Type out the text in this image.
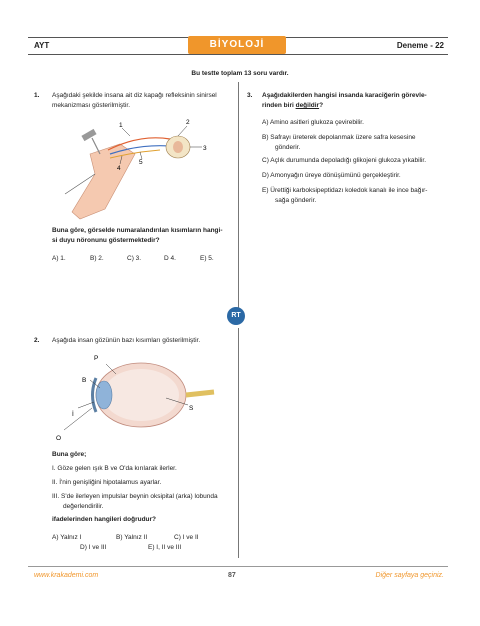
AYT	BİYOLOJİ	Deneme - 22
Bu testte toplam 13 soru vardır.
RT
1. Aşağıdaki şekilde insana ait diz kapağı refleksinin sinirsel
mekanizması gösterilmiştir.
1	2
3
4
5
Buna göre, görselde numaralandırılan kısımların hangi-
si duyu nöronunu göstermektedir?
A) 1.	B) 2.	C) 3.	D 4.	E) 5.
2. Aşağıda insan gözünün bazı kısımları gösterilmiştir.
P
B
S
İ
O
Buna göre;
I. Göze gelen ışık B ve O'da kırılarak ilerler.
II. İ'nin genişliğini hipotalamus ayarlar.
III. S'de ilerleyen impulslar beynin oksipital (arka) lobunda
değerlendirilir.
ifadelerinden hangileri doğrudur?
A) Yalnız I	B) Yalnız II	C) I ve II
D) I ve III	E) I, II ve III
3. Aşağıdakilerden hangisi insanda karaciğerin görevle-
rinden biri değildir?
A) Amino asitleri glukoza çevirebilir.
B) Safrayı üreterek depolanmak üzere safra kesesine
gönderir.
C) Açlık durumunda depoladığı glikojeni glukoza yıkabilir.
D) Amonyağın üreye dönüşümünü gerçekleştirir.
E) Ürettiği karboksipeptidazı koledok kanalı ile ince bağır-
sağa gönderir.
www.krakademi.com	87	Diğer sayfaya geçiniz.
